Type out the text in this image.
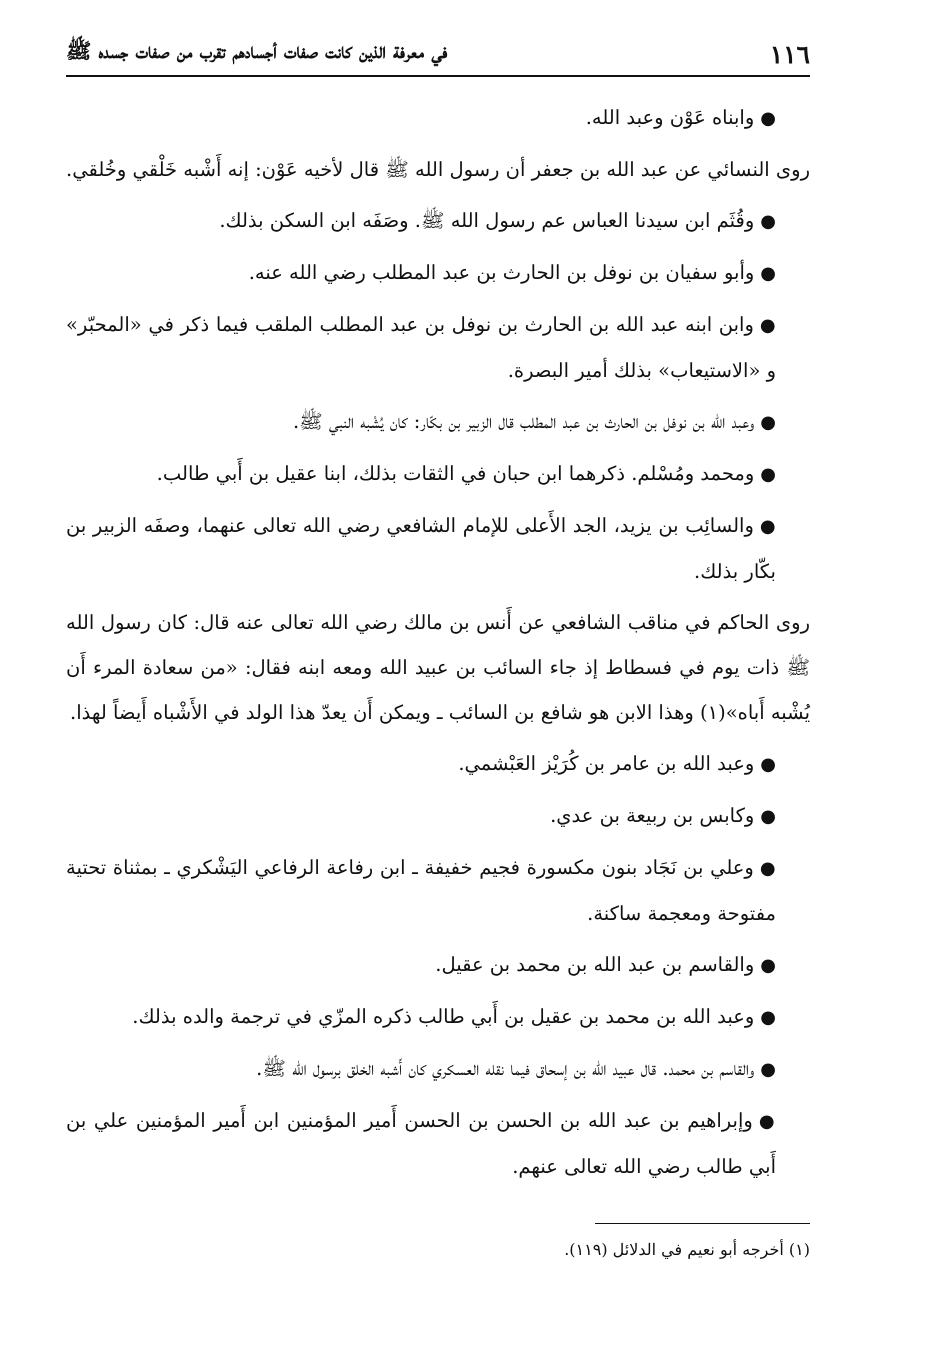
١١٦
في معرفة الذين كانت صفات أجسادهم تقرب من صفات جسده ﷺ

●وابناه عَوْن وعبد الله.

روى النسائي عن عبد الله بن جعفر أن رسول الله ﷺ قال لأخيه عَوْن: إنه أَشْبه خَلْقي وخُلقي.

●وقُثَم ابن سيدنا العباس عم رسول الله ﷺ. وصَفَه ابن السكن بذلك.

●وأبو سفيان بن نوفل بن الحارث بن عبد المطلب رضي الله عنه.

●وابن ابنه عبد الله بن الحارث بن نوفل بن عبد المطلب الملقب فيما ذكر في «المحبّر» و «الاستيعاب» بذلك أمير البصرة.

●وعبد الله بن نوفل بن الحارث بن عبد المطلب قال الزبير بن بكّار: كان يُشْبه النبي ﷺ.

●ومحمد ومُسْلم. ذكرهما ابن حبان في الثقات بذلك، ابنا عقيل بن أَبي طالب.

●والسائِب بن يزيد، الجد الأَعلى للإمام الشافعي رضي الله تعالى عنهما، وصفَه الزبير بن بكّار بذلك.

روى الحاكم في مناقب الشافعي عن أَنس بن مالك رضي الله تعالى عنه قال: كان رسول الله ﷺ ذات يوم في فسطاط إذ جاء السائب بن عبيد الله ومعه ابنه فقال: «من سعادة المرء أَن يُشْبه أَباه»(١) وهذا الابن هو شافع بن السائب ـ ويمكن أَن يعدّ هذا الولد في الأَشْباه أَيضاً لهذا.

●وعبد الله بن عامر بن كُرَيْز العَبْشمي.

●وكابس بن ربيعة بن عدي.

●وعلي بن نَجَاد بنون مكسورة فجيم خفيفة ـ ابن رفاعة الرفاعي اليَشْكري ـ بمثناة تحتية مفتوحة ومعجمة ساكنة.

●والقاسم بن عبد الله بن محمد بن عقيل.

●وعبد الله بن محمد بن عقيل بن أَبي طالب ذكره المزّي في ترجمة والده بذلك.

●والقاسم بن محمد. قال عبيد الله بن إسحاق فيما نقله العسكري كان أَشبه الخلق برسول الله ﷺ.

●وإبراهيم بن عبد الله بن الحسن بن الحسن أَمير المؤمنين ابن أَمير المؤمنين علي بن أَبي طالب رضي الله تعالى عنهم.

(١) أخرجه أبو نعيم في الدلائل (١١٩).
